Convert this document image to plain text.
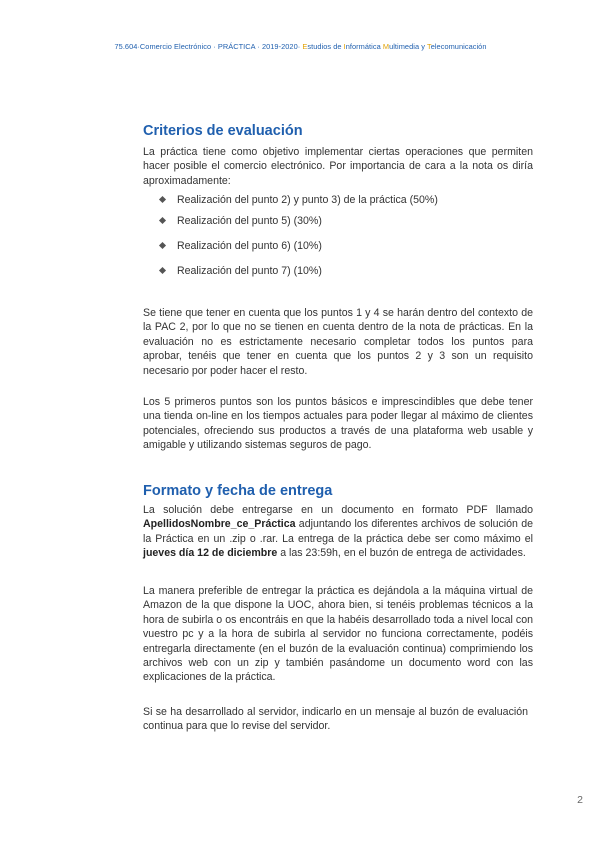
75.604·Comercio Electrónico · PRÁCTICA · 2019-2020· Estudios de Informática Multimedia y Telecomunicación
Criterios de evaluación
La práctica tiene como objetivo implementar ciertas operaciones que permiten hacer posible el comercio electrónico. Por importancia de cara a la nota os diría aproximadamente:
Realización del punto 2) y punto 3) de la práctica (50%)
Realización del punto 5) (30%)
Realización del punto 6) (10%)
Realización del punto 7) (10%)
Se tiene que tener en cuenta que los puntos 1 y 4 se harán dentro del contexto de la PAC 2, por lo que no se tienen en cuenta dentro de la nota de prácticas. En la evaluación no es estrictamente necesario completar todos los puntos para aprobar, tenéis que tener en cuenta que los puntos 2 y 3 son un requisito necesario por poder hacer el resto.
Los 5 primeros puntos son los puntos básicos e imprescindibles que debe tener una tienda on-line en los tiempos actuales para poder llegar al máximo de clientes potenciales, ofreciendo sus productos a través de una plataforma web usable y amigable y utilizando sistemas seguros de pago.
Formato y fecha de entrega
La solución debe entregarse en un documento en formato PDF llamado ApellidosNombre_ce_Práctica adjuntando los diferentes archivos de solución de la Práctica en un .zip o .rar. La entrega de la práctica debe ser como máximo el jueves día 12 de diciembre a las 23:59h, en el buzón de entrega de actividades.
La manera preferible de entregar la práctica es dejándola a la máquina virtual de Amazon de la que dispone la UOC, ahora bien, si tenéis problemas técnicos a la hora de subirla o os encontráis en que la habéis desarrollado toda a nivel local con vuestro pc y a la hora de subirla al servidor no funciona correctamente, podéis entregarla directamente (en el buzón de la evaluación continua) comprimiendo los archivos web con un zip y también pasándome un documento word con las explicaciones de la práctica.
Si se ha desarrollado al servidor, indicarlo en un mensaje al buzón de evaluación continua para que lo revise del servidor.
2
